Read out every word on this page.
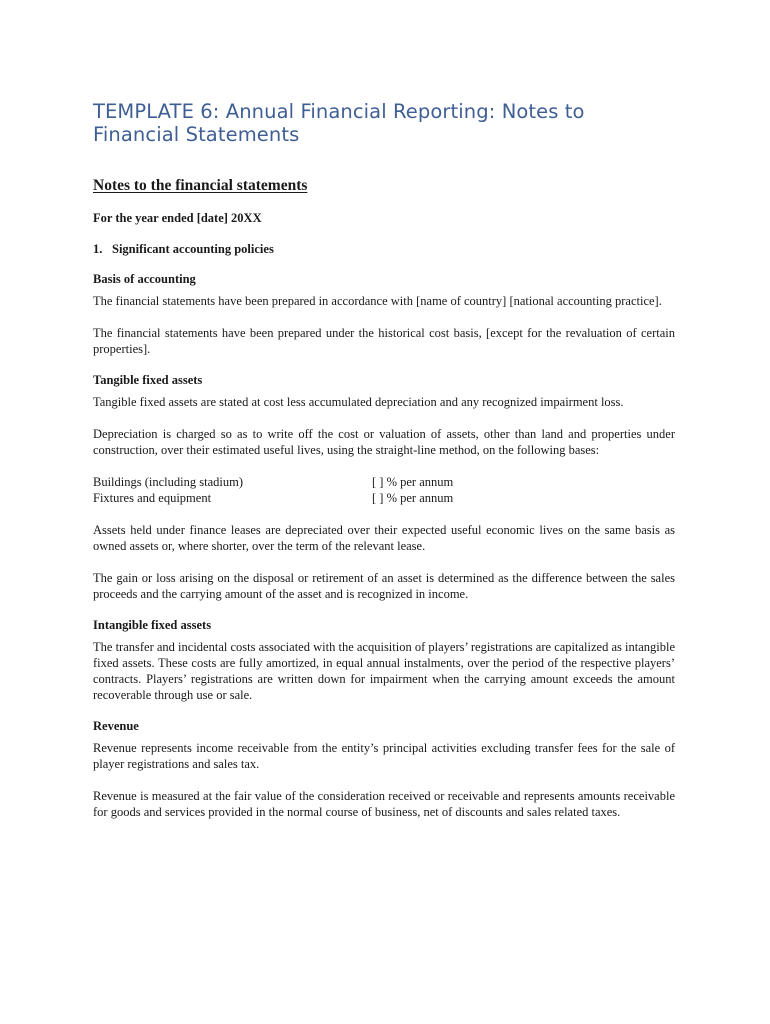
TEMPLATE 6: Annual Financial Reporting: Notes to Financial Statements
Notes to the financial statements
For the year ended [date] 20XX
1. Significant accounting policies
Basis of accounting

The financial statements have been prepared in accordance with [name of country] [national accounting practice].

The financial statements have been prepared under the historical cost basis, [except for the revaluation of certain properties].

Tangible fixed assets

Tangible fixed assets are stated at cost less accumulated depreciation and any recognized impairment loss.

Depreciation is charged so as to write off the cost or valuation of assets, other than land and properties under construction, over their estimated useful lives, using the straight-line method, on the following bases:

Buildings (including stadium)	[ ] % per annum
Fixtures and equipment	[ ] % per annum

Assets held under finance leases are depreciated over their expected useful economic lives on the same basis as owned assets or, where shorter, over the term of the relevant lease.

The gain or loss arising on the disposal or retirement of an asset is determined as the difference between the sales proceeds and the carrying amount of the asset and is recognized in income.

Intangible fixed assets

The transfer and incidental costs associated with the acquisition of players’ registrations are capitalized as intangible fixed assets. These costs are fully amortized, in equal annual instalments, over the period of the respective players’ contracts. Players’ registrations are written down for impairment when the carrying amount exceeds the amount recoverable through use or sale.

Revenue

Revenue represents income receivable from the entity’s principal activities excluding transfer fees for the sale of player registrations and sales tax.

Revenue is measured at the fair value of the consideration received or receivable and represents amounts receivable for goods and services provided in the normal course of business, net of discounts and sales related taxes.
